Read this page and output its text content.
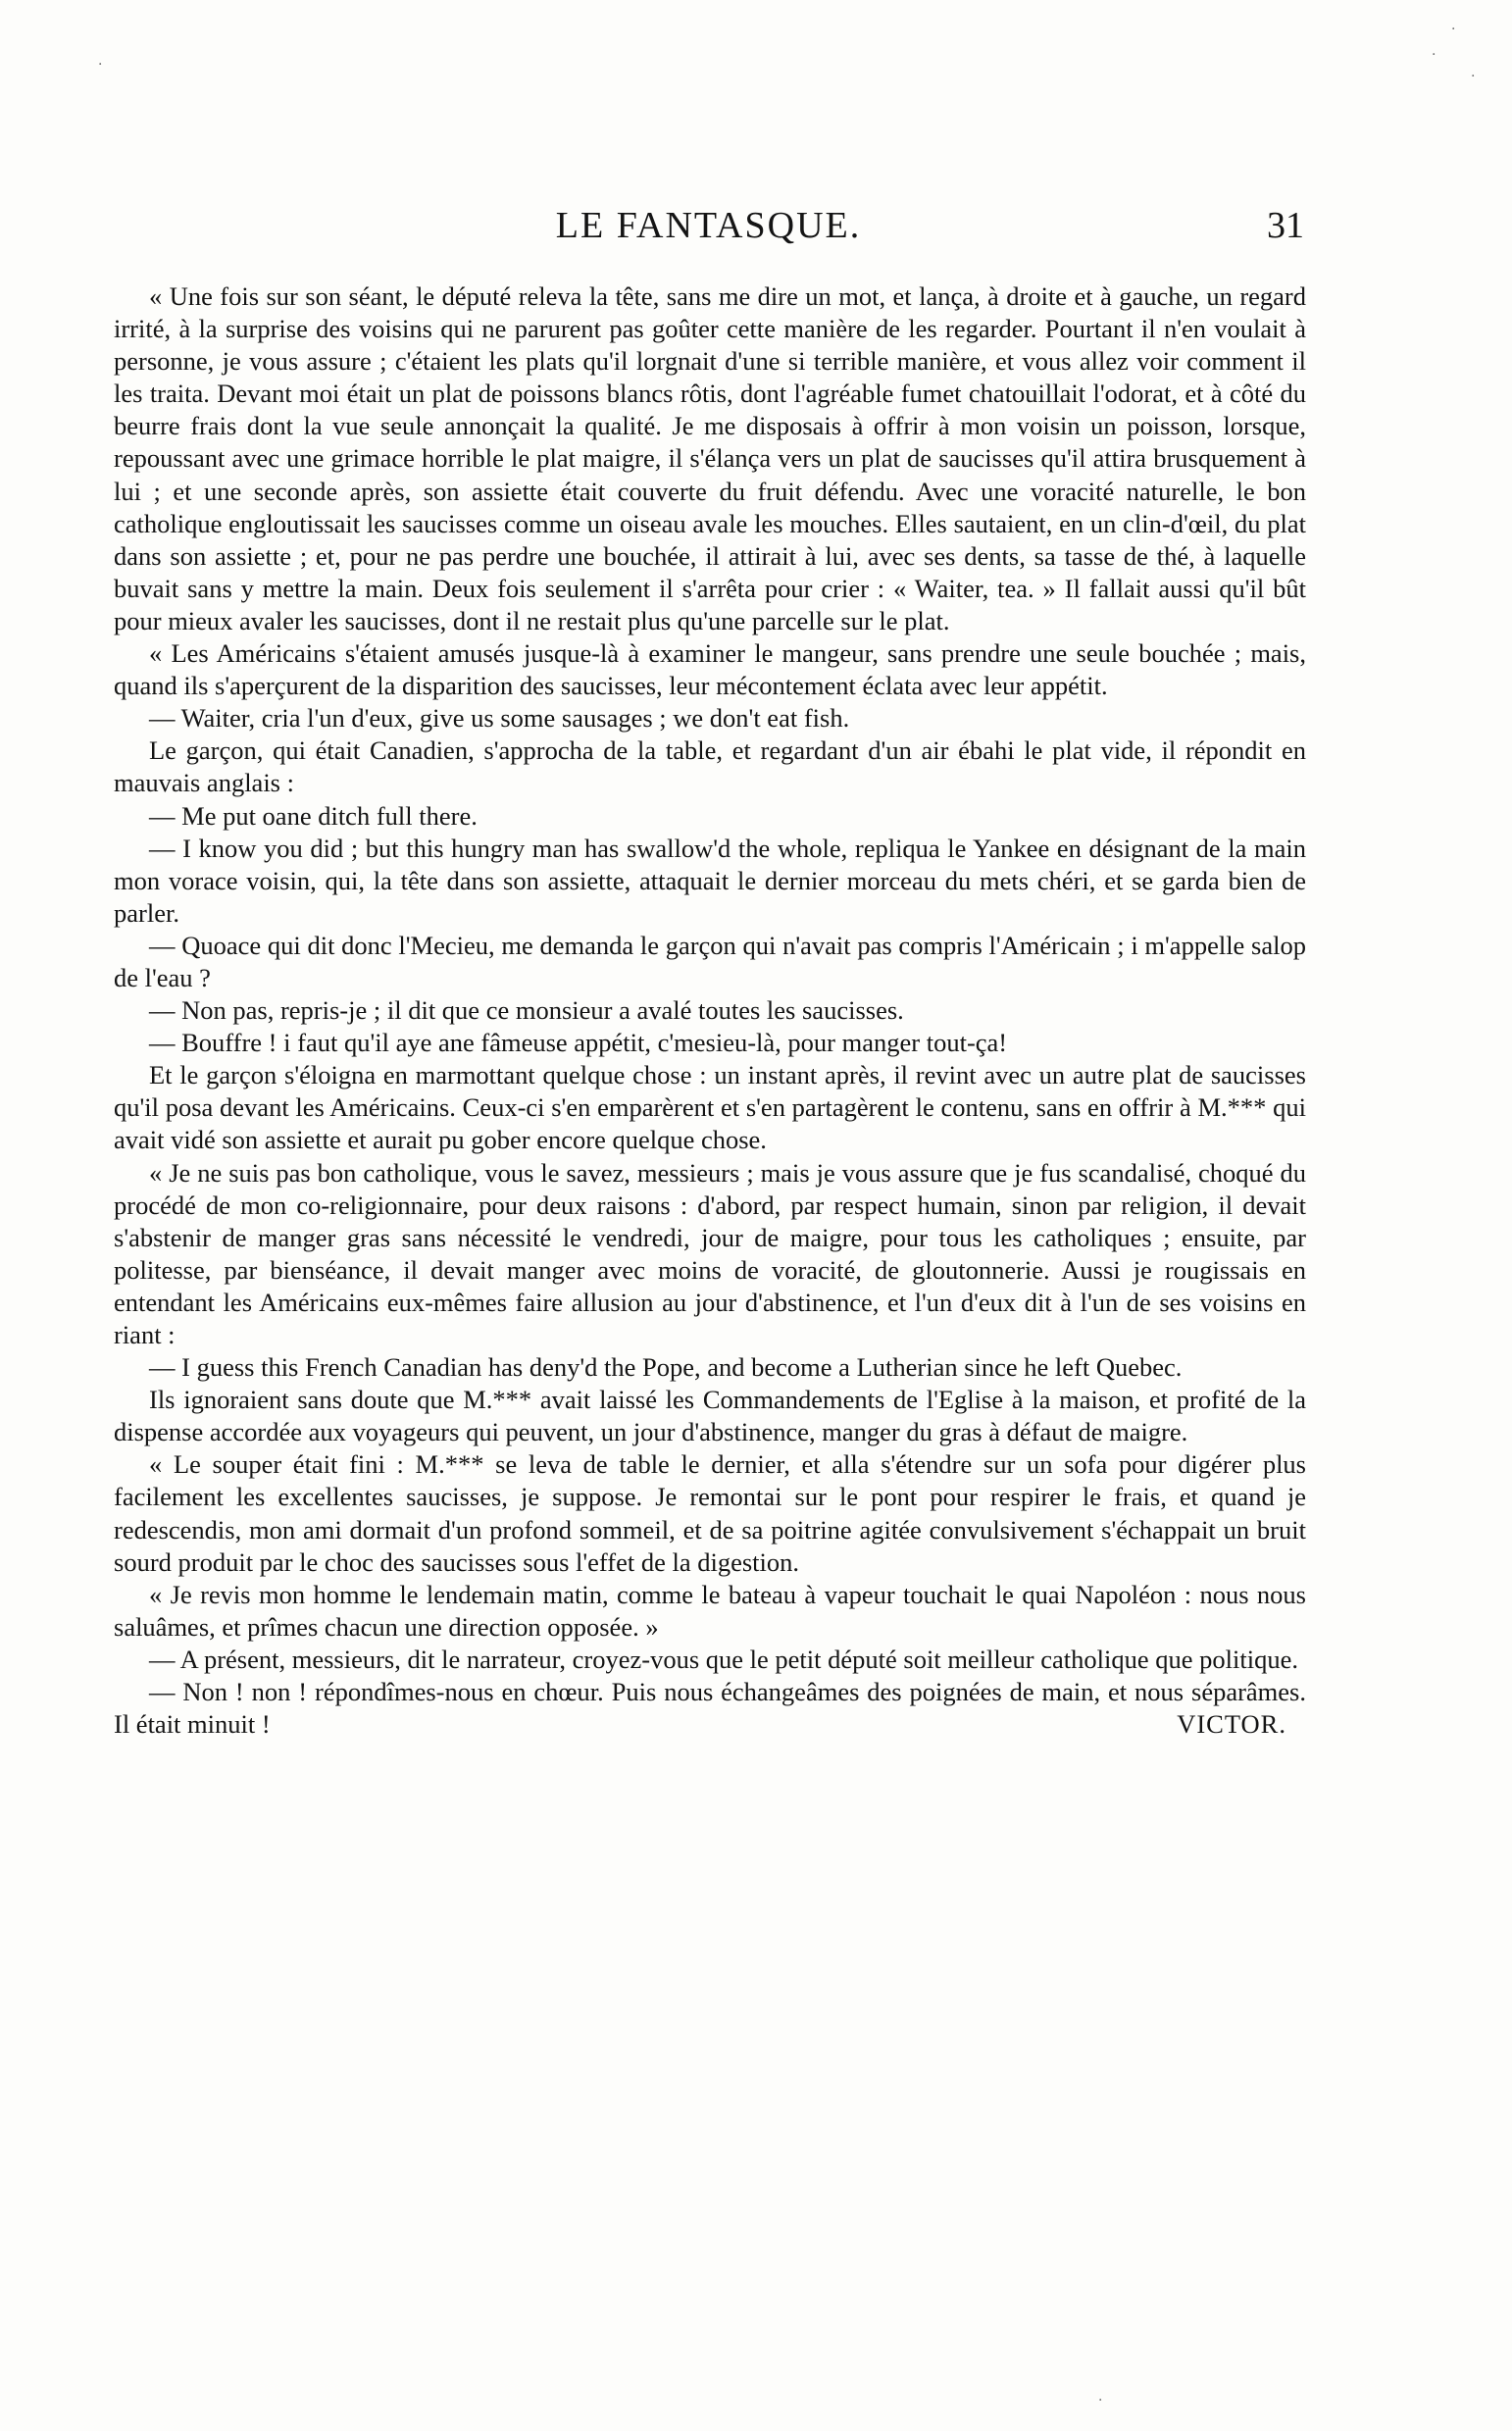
LE FANTASQUE.	31

« Une fois sur son séant, le député releva la tête, sans me dire un mot, et lança, à droite et à gauche, un regard irrité, à la surprise des voisins qui ne parurent pas goûter cette manière de les regarder. Pourtant il n'en voulait à personne, je vous assure ; c'étaient les plats qu'il lorgnait d'une si terrible manière, et vous allez voir comment il les traita. Devant moi était un plat de poissons blancs rôtis, dont l'agréable fumet chatouillait l'odorat, et à côté du beurre frais dont la vue seule annonçait la qualité. Je me disposais à offrir à mon voisin un poisson, lorsque, repoussant avec une grimace horrible le plat maigre, il s'élança vers un plat de saucisses qu'il attira brusquement à lui ; et une seconde après, son assiette était couverte du fruit défendu. Avec une voracité naturelle, le bon catholique engloutissait les saucisses comme un oiseau avale les mouches. Elles sautaient, en un clin-d'œil, du plat dans son assiette ; et, pour ne pas perdre une bouchée, il attirait à lui, avec ses dents, sa tasse de thé, à laquelle buvait sans y mettre la main. Deux fois seulement il s'arrêta pour crier : « Waiter, tea. » Il fallait aussi qu'il bût pour mieux avaler les saucisses, dont il ne restait plus qu'une parcelle sur le plat.

« Les Américains s'étaient amusés jusque-là à examiner le mangeur, sans prendre une seule bouchée ; mais, quand ils s'aperçurent de la disparition des saucisses, leur mécontement éclata avec leur appétit.

— Waiter, cria l'un d'eux, give us some sausages ; we don't eat fish.

Le garçon, qui était Canadien, s'approcha de la table, et regardant d'un air ébahi le plat vide, il répondit en mauvais anglais :

— Me put oane ditch full there.

— I know you did ; but this hungry man has swallow'd the whole, repliqua le Yankee en désignant de la main mon vorace voisin, qui, la tête dans son assiette, attaquait le dernier morceau du mets chéri, et se garda bien de parler.

— Quoace qui dit donc l'Mecieu, me demanda le garçon qui n'avait pas compris l'Américain ; i m'appelle salop de l'eau ?

— Non pas, repris-je ; il dit que ce monsieur a avalé toutes les saucisses.

— Bouffre ! i faut qu'il aye ane fâmeuse appétit, c'mesieu-là, pour manger tout-ça!

Et le garçon s'éloigna en marmottant quelque chose : un instant après, il revint avec un autre plat de saucisses qu'il posa devant les Américains. Ceux-ci s'en emparèrent et s'en partagèrent le contenu, sans en offrir à M.*** qui avait vidé son assiette et aurait pu gober encore quelque chose.

« Je ne suis pas bon catholique, vous le savez, messieurs ; mais je vous assure que je fus scandalisé, choqué du procédé de mon co-religionnaire, pour deux raisons : d'abord, par respect humain, sinon par religion, il devait s'abstenir de manger gras sans nécessité le vendredi, jour de maigre, pour tous les catholiques ; ensuite, par politesse, par bienséance, il devait manger avec moins de voracité, de gloutonnerie. Aussi je rougissais en entendant les Américains eux-mêmes faire allusion au jour d'abstinence, et l'un d'eux dit à l'un de ses voisins en riant :

— I guess this French Canadian has deny'd the Pope, and become a Lutherian since he left Quebec.

Ils ignoraient sans doute que M.*** avait laissé les Commandements de l'Eglise à la maison, et profité de la dispense accordée aux voyageurs qui peuvent, un jour d'abstinence, manger du gras à défaut de maigre.

« Le souper était fini : M.*** se leva de table le dernier, et alla s'étendre sur un sofa pour digérer plus facilement les excellentes saucisses, je suppose. Je remontai sur le pont pour respirer le frais, et quand je redescendis, mon ami dormait d'un profond sommeil, et de sa poitrine agitée convulsivement s'échappait un bruit sourd produit par le choc des saucisses sous l'effet de la digestion.

« Je revis mon homme le lendemain matin, comme le bateau à vapeur touchait le quai Napoléon : nous nous saluâmes, et prîmes chacun une direction opposée. »

— A présent, messieurs, dit le narrateur, croyez-vous que le petit député soit meilleur catholique que politique.

— Non ! non ! répondîmes-nous en chœur. Puis nous échangeâmes des poignées de main, et nous séparâmes. Il était minuit !	VICTOR.
·
·
·
·
·
